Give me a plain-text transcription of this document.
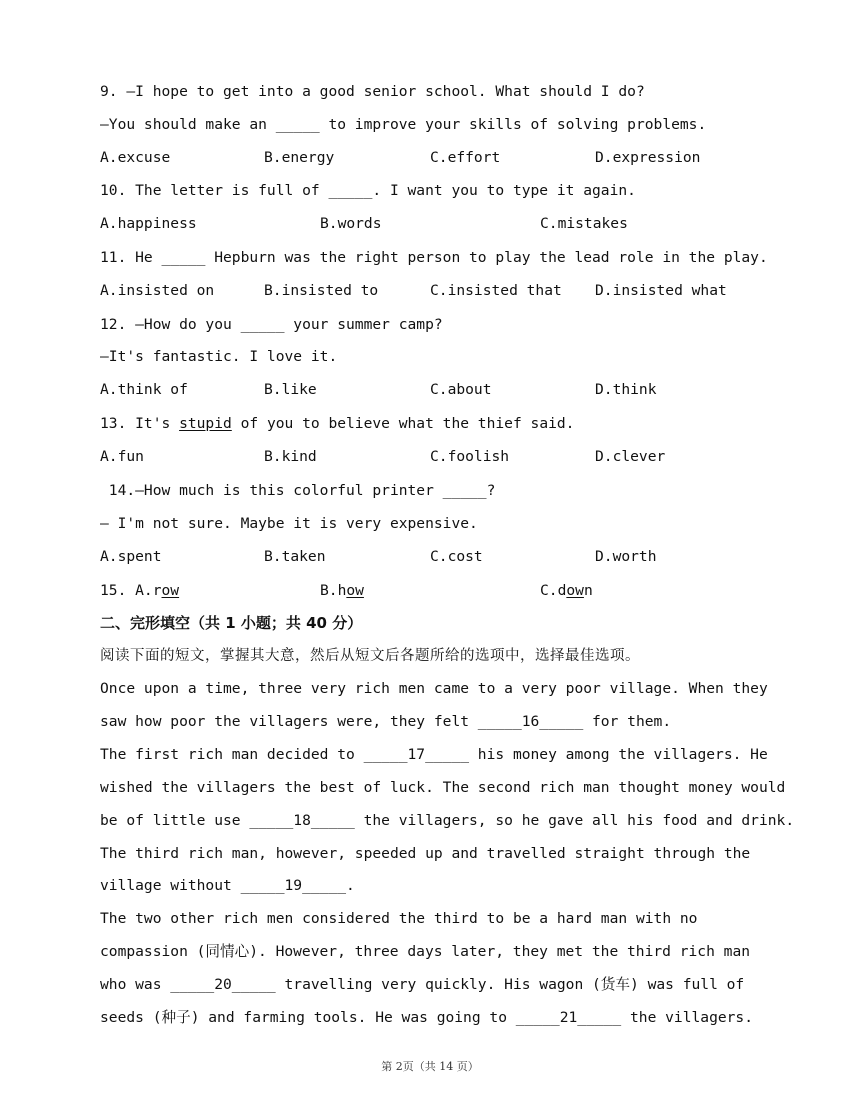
9. —I hope to get into a good senior school. What should I do?
—You should make an _____ to improve your skills of solving problems.
A.excuse	B.energy	C.effort	D.expression
10. The letter is full of _____. I want you to type it again.
A.happiness	B.words	C.mistakes
11. He _____ Hepburn was the right person to play the lead role in the play.
A.insisted on	B.insisted to	C.insisted that D.insisted what
12. —How do you _____ your summer camp?
—It's fantastic. I love it.
A.think of	B.like	C.about	D.think
13. It's stupid of you to believe what the thief said.
A.fun	B.kind	C.foolish	D.clever
14.—How much is this colorful printer _____?
— I'm not sure. Maybe it is very expensive.
A.spent	B.taken	C.cost	D.worth
15. A.row	B.how	C.down
二、完形填空（共 1 小题；共 40 分）
阅读下面的短文，掌握其大意，然后从短文后各题所给的选项中，选择最佳选项。
Once upon a time, three very rich men came to a very poor village. When they
saw how poor the villagers were, they felt _____16_____ for them.
The first rich man decided to _____17_____ his money among the villagers. He
wished the villagers the best of luck. The second rich man thought money would
be of little use _____18_____ the villagers, so he gave all his food and drink.
The third rich man, however, speeded up and travelled straight through the
village without _____19_____.
The two other rich men considered the third to be a hard man with no
compassion (同情心). However, three days later, they met the third rich man
who was _____20_____ travelling very quickly. His wagon (货车) was full of
seeds (种子) and farming tools. He was going to _____21_____ the villagers.
第 2页（共 14 页）
